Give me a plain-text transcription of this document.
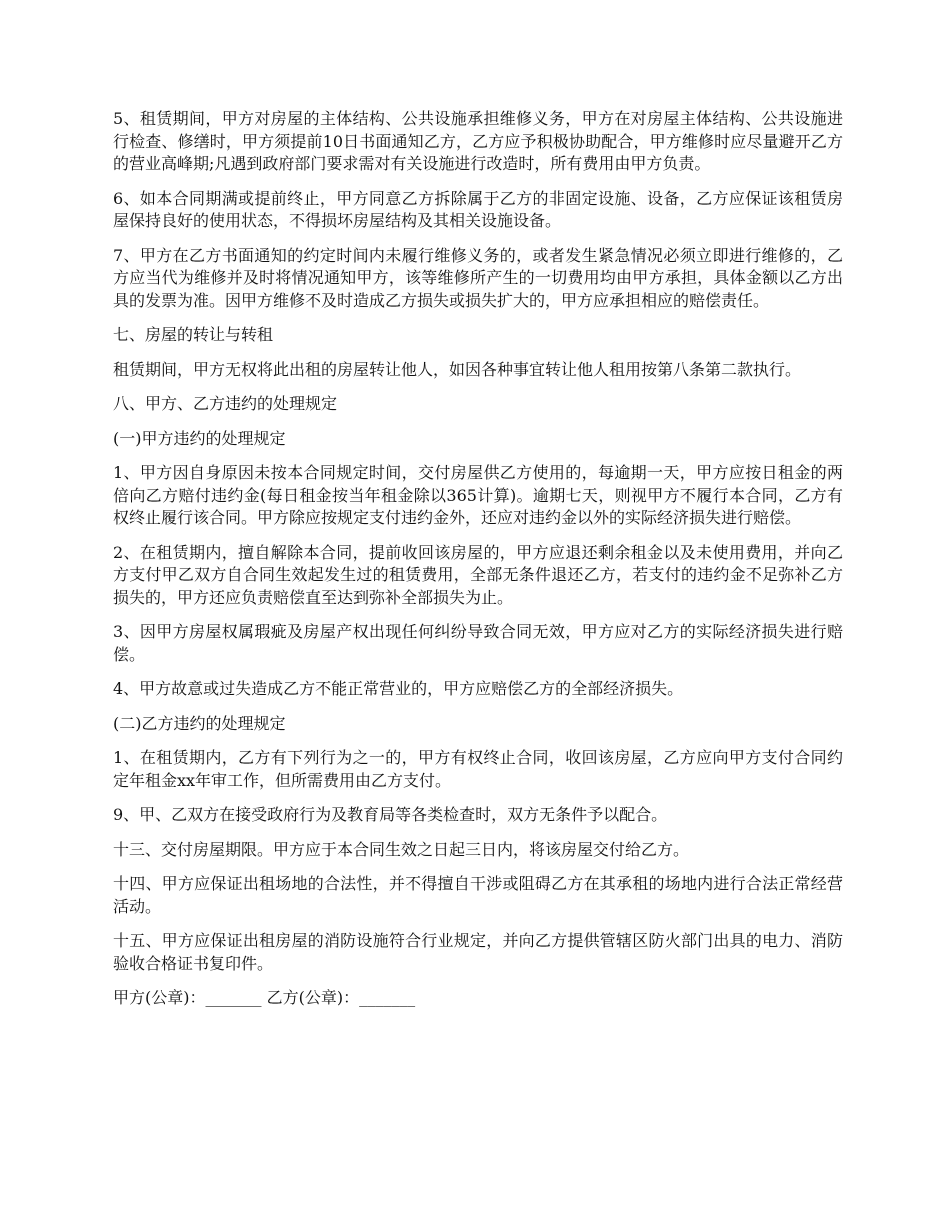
5、租赁期间，甲方对房屋的主体结构、公共设施承担维修义务，甲方在对房屋主体结构、公共设施进行检查、修缮时，甲方须提前10日书面通知乙方，乙方应予积极协助配合，甲方维修时应尽量避开乙方的营业高峰期;凡遇到政府部门要求需对有关设施进行改造时，所有费用由甲方负责。

6、如本合同期满或提前终止，甲方同意乙方拆除属于乙方的非固定设施、设备，乙方应保证该租赁房屋保持良好的使用状态，不得损坏房屋结构及其相关设施设备。

7、甲方在乙方书面通知的约定时间内未履行维修义务的，或者发生紧急情况必须立即进行维修的，乙方应当代为维修并及时将情况通知甲方，该等维修所产生的一切费用均由甲方承担，具体金额以乙方出具的发票为准。因甲方维修不及时造成乙方损失或损失扩大的，甲方应承担相应的赔偿责任。

七、房屋的转让与转租

租赁期间，甲方无权将此出租的房屋转让他人，如因各种事宜转让他人租用按第八条第二款执行。

八、甲方、乙方违约的处理规定

(一)甲方违约的处理规定

1、甲方因自身原因未按本合同规定时间，交付房屋供乙方使用的，每逾期一天，甲方应按日租金的两倍向乙方赔付违约金(每日租金按当年租金除以365计算)。逾期七天，则视甲方不履行本合同，乙方有权终止履行该合同。甲方除应按规定支付违约金外，还应对违约金以外的实际经济损失进行赔偿。

2、在租赁期内，擅自解除本合同，提前收回该房屋的，甲方应退还剩余租金以及未使用费用，并向乙方支付甲乙双方自合同生效起发生过的租赁费用，全部无条件退还乙方，若支付的违约金不足弥补乙方损失的，甲方还应负责赔偿直至达到弥补全部损失为止。

3、因甲方房屋权属瑕疵及房屋产权出现任何纠纷导致合同无效，甲方应对乙方的实际经济损失进行赔偿。

4、甲方故意或过失造成乙方不能正常营业的，甲方应赔偿乙方的全部经济损失。

(二)乙方违约的处理规定

1、在租赁期内，乙方有下列行为之一的，甲方有权终止合同，收回该房屋，乙方应向甲方支付合同约定年租金xx年审工作，但所需费用由乙方支付。

9、甲、乙双方在接受政府行为及教育局等各类检查时，双方无条件予以配合。

十三、交付房屋期限。甲方应于本合同生效之日起三日内，将该房屋交付给乙方。

十四、甲方应保证出租场地的合法性，并不得擅自干涉或阻碍乙方在其承租的场地内进行合法正常经营活动。

十五、甲方应保证出租房屋的消防设施符合行业规定，并向乙方提供管辖区防火部门出具的电力、消防验收合格证书复印件。

甲方(公章)：_______ 乙方(公章)：_______
